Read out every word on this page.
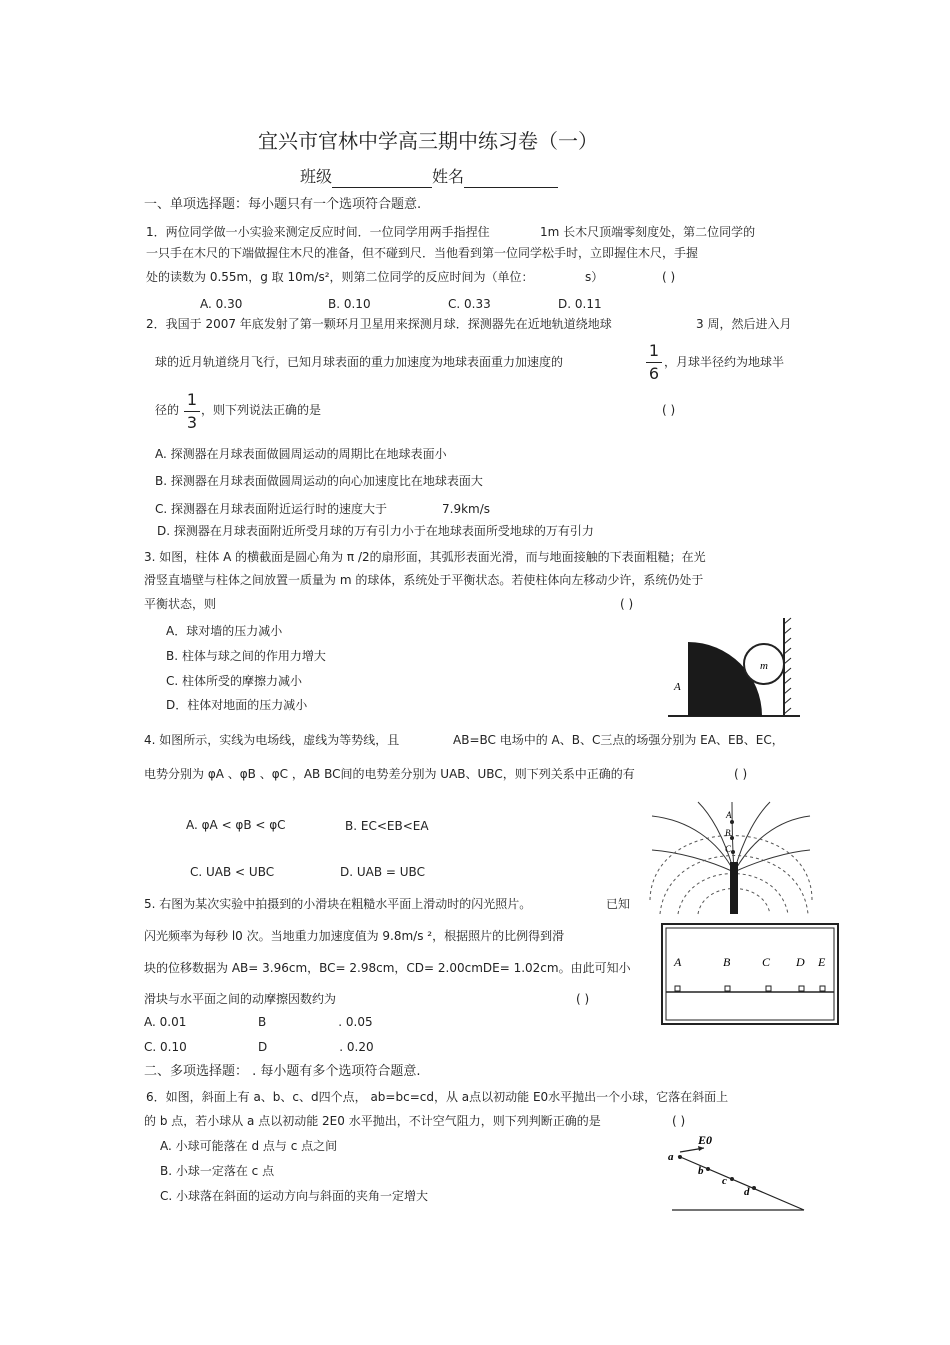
宜兴市官林中学高三期中练习卷（一）
班级	姓名
一、单项选择题：每小题只有一个选项符合题意.
1．两位同学做一小实验来测定反应时间．一位同学用两手指捏住	1m 长木尺顶端零刻度处，第二位同学的
一只手在木尺的下端做握住木尺的准备，但不碰到尺．当他看到第一位同学松手时，立即握住木尺，手握
处的读数为 0.55m，g 取 10m/s²，则第二位同学的反应时间为（单位：	s）	( )
A. 0.30	B. 0.10	C. 0.33	D. 0.11
2．我国于 2007 年底发射了第一颗环月卫星用来探测月球．探测器先在近地轨道绕地球	3 周，然后进入月
球的近月轨道绕月飞行，已知月球表面的重力加速度为地球表面重力加速度的
1
6
，月球半径约为地球半
径的
1
3
，则下列说法正确的是	( )
A. 探测器在月球表面做圆周运动的周期比在地球表面小
B. 探测器在月球表面做圆周运动的向心加速度比在地球表面大
C. 探测器在月球表面附近运行时的速度大于	7.9km/s
D. 探测器在月球表面附近所受月球的万有引力小于在地球表面所受地球的万有引力
3. 如图，柱体 A 的横截面是圆心角为 π /2的扇形面，其弧形表面光滑，而与地面接触的下表面粗糙；在光
滑竖直墙壁与柱体之间放置一质量为 m 的球体，系统处于平衡状态。若使柱体向左移动少许，系统仍处于
平衡状态，则	( )
A．球对墙的压力减小
B. 柱体与球之间的作用力增大
C. 柱体所受的摩擦力减小
D．柱体对地面的压力减小
m
A
4. 如图所示，实线为电场线，虚线为等势线，且	AB=BC 电场中的 A、B、C三点的场强分别为 EA、EB、EC，
电势分别为 φA 、φB 、φC ，AB BC间的电势差分别为 UAB、UBC，则下列关系中正确的有	( )
A. φA < φB < φC	B. EC<EB<EA
C. UAB < UBC	D. UAB = UBC
A
B
C
5. 右图为某次实验中拍摄到的小滑块在粗糙水平面上滑动时的闪光照片。	已知
闪光频率为每秒 l0 次。当地重力加速度值为 9.8m/s ²，根据照片的比例得到滑
块的位移数据为 AB= 3.96cm，BC= 2.98cm，CD= 2.00cmDE= 1.02cm。由此可知小
滑块与水平面之间的动摩擦因数约为	( )
A. 0.01	B	. 0.05
C. 0.10	D	. 0.20
A	B	C D E
二、多项选择题： . 每小题有多个选项符合题意.
6．如图，斜面上有 a、b、c、d四个点， ab=bc=cd，从 a点以初动能 E0水平抛出一个小球，它落在斜面上
的 b 点，若小球从 a 点以初动能 2E0 水平抛出，不计空气阻力，则下列判断正确的是	( )
A. 小球可能落在 d 点与 c 点之间
B. 小球一定落在 c 点
C. 小球落在斜面的运动方向与斜面的夹角一定增大
E0
a
b
c
d
